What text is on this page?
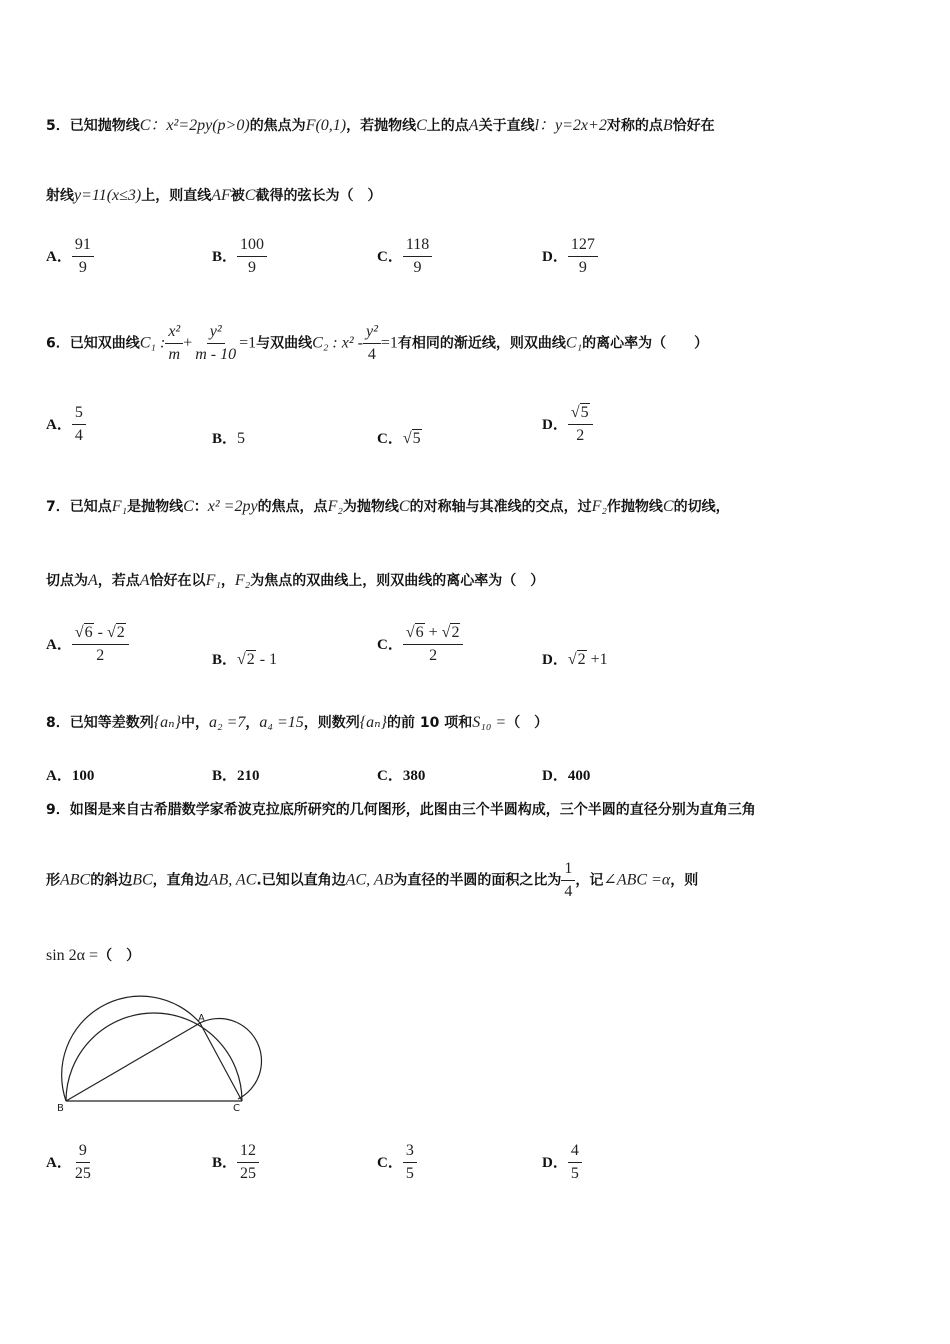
5．已知抛物线C：x²=2py(p>0)的焦点为F(0,1)，若抛物线C上的点A关于直线l：y=2x+2对称的点B恰好在
射线y=11(x≤3)上，则直线AF被C截得的弦长为（　）
A． $\frac{91}{9}$	B． $\frac{100}{9}$	C． $\frac{118}{9}$	D． $\frac{127}{9}$
6．已知双曲线C₁ : $\frac{\text{x²}}{m} + \frac{\text{y²}}{m - 10} =1$与双曲线C₂ : $x^2 - \frac{\text{y²}}{4} =1$有相同的渐近线，则双曲线C₁的离心率为（　　）
A． $\frac{5}{4}$	B．5	C．√5
D． $\frac{√5}{2}$
7．已知点F₁是抛物线C：x² =2py的焦点，点F₂为抛物线C的对称轴与其准线的交点，过F₂作抛物线C的切线，
切点为A，若点A恰好在以F₁，F₂为焦点的双曲线上，则双曲线的离心率为（　）
A． $\frac{√6 - √2}{2}$	B．√2 - 1
C． $\frac{√6 + √2}{2}$	D．√2 +1
8．已知等差数列{aₙ}中，a₂ =7，a₄ =15，则数列{aₙ}的前 10 项和S₁₀ =（　）
A．100	B．210	C．380	D．400
9．如图是来自古希腊数学家希波克拉底所研究的几何图形，此图由三个半圆构成，三个半圆的直径分别为直角三角
形ABC的斜边BC，直角边AB, AC.已知以直角边AC, AB为直径的半圆的面积之比为 $\frac{1}{4}$ ，记∠ABC =α，则
sin 2α =（　）
A
B	C
A． $\frac{9}{25}$	B． $\frac{12}{25}$	C． $\frac{3}{5}$	D． $\frac{4}{5}$
